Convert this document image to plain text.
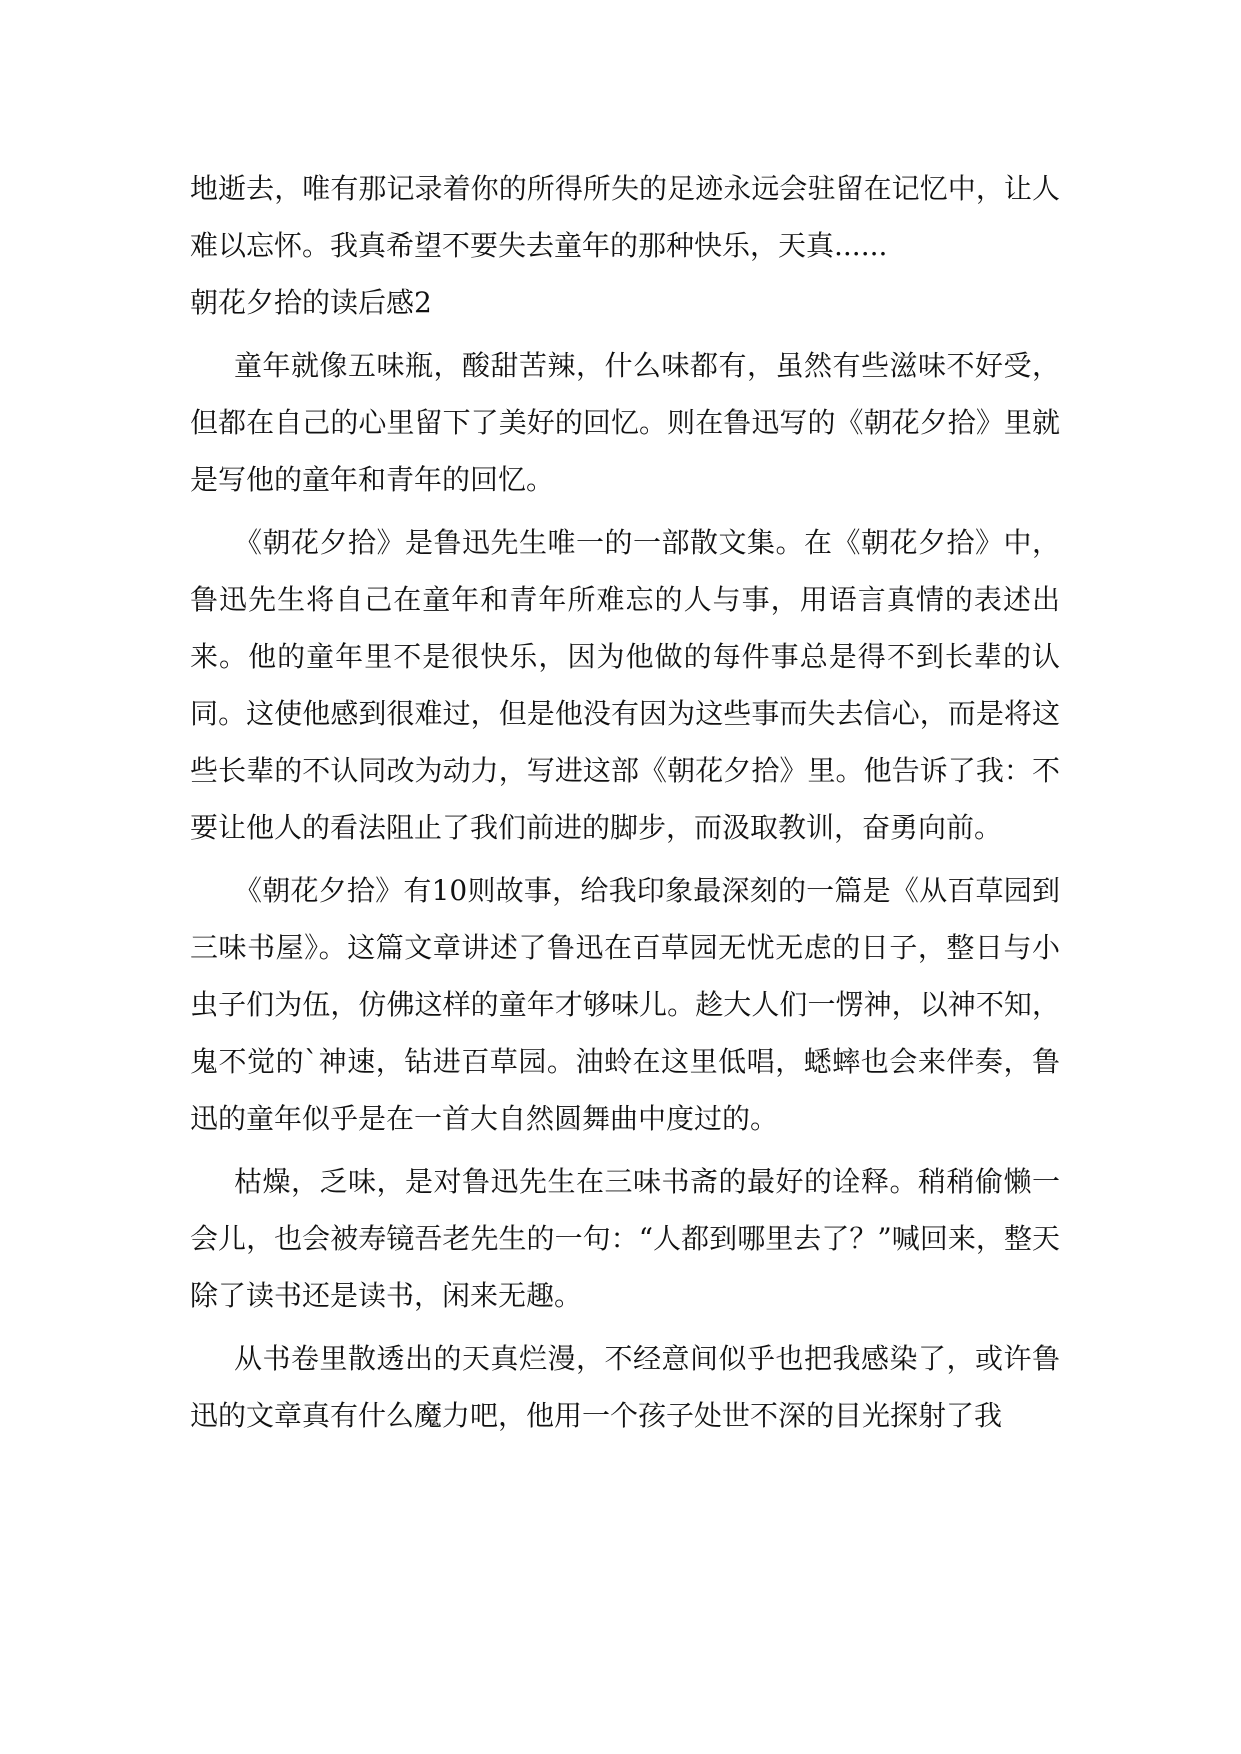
地逝去，唯有那记录着你的所得所失的足迹永远会驻留在记忆中，让人难以忘怀。我真希望不要失去童年的那种快乐，天真......

朝花夕拾的读后感2

童年就像五味瓶，酸甜苦辣，什么味都有，虽然有些滋味不好受，但都在自己的心里留下了美好的回忆。则在鲁迅写的《朝花夕拾》里就是写他的童年和青年的回忆。

《朝花夕拾》是鲁迅先生唯一的一部散文集。在《朝花夕拾》中，鲁迅先生将自己在童年和青年所难忘的人与事，用语言真情的表述出来。他的童年里不是很快乐，因为他做的每件事总是得不到长辈的认同。这使他感到很难过，但是他没有因为这些事而失去信心，而是将这些长辈的不认同改为动力，写进这部《朝花夕拾》里。他告诉了我：不要让他人的看法阻止了我们前进的脚步，而汲取教训，奋勇向前。

《朝花夕拾》有10则故事，给我印象最深刻的一篇是《从百草园到三味书屋》。这篇文章讲述了鲁迅在百草园无忧无虑的日子，整日与小虫子们为伍，仿佛这样的童年才够味儿。趁大人们一愣神，以神不知，鬼不觉的`神速，钻进百草园。油蛉在这里低唱，蟋蟀也会来伴奏，鲁迅的童年似乎是在一首大自然圆舞曲中度过的。

枯燥，乏味，是对鲁迅先生在三味书斋的最好的诠释。稍稍偷懒一会儿，也会被寿镜吾老先生的一句：“人都到哪里去了？”喊回来，整天除了读书还是读书，闲来无趣。

从书卷里散透出的天真烂漫，不经意间似乎也把我感染了，或许鲁迅的文章真有什么魔力吧，他用一个孩子处世不深的目光探射了我
